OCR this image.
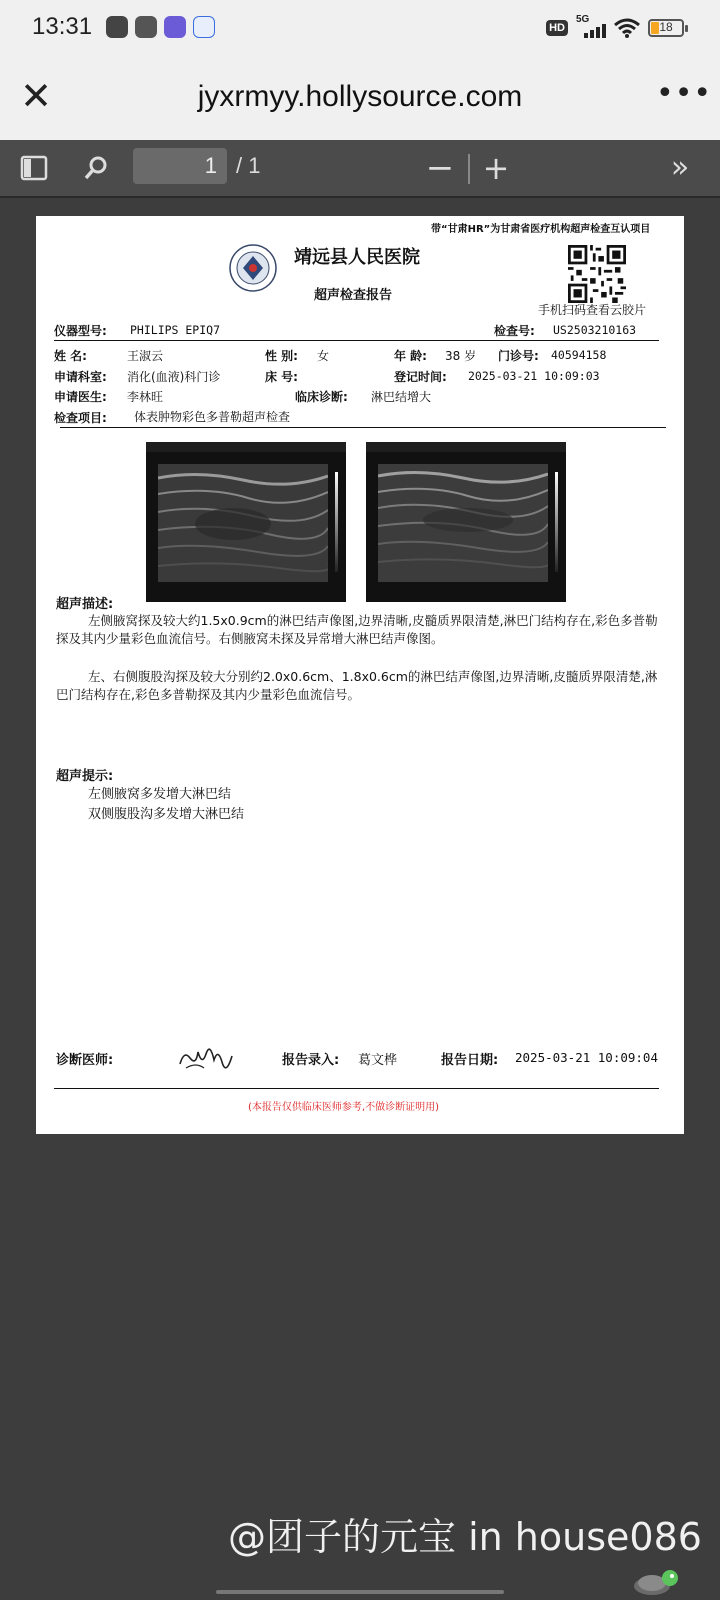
13:31	HD
5G
18
✕	jyxrmyy.hollysource.com	•••
1 / 1	− +	»
带“甘肃HR”为甘肃省医疗机构超声检查互认项目
靖远县人民医院
超声检查报告
手机扫码查看云胶片
仪器型号: PHILIPS EPIQ7	检查号: US2503210163
姓 名:	王淑云	性 别: 女	年 龄: 38 岁 门诊号: 40594158
申请科室: 消化(血液)科门诊	床 号:	登记时间: 2025-03-21 10:09:03
申请医生: 李林旺	临床诊断: 淋巴结增大
检查项目: 体表肿物彩色多普勒超声检查
超声描述:
左侧腋窝探及较大约1.5x0.9cm的淋巴结声像图,边界清晰,皮髓质界限清楚,淋巴门结构存在,彩色多普勒探及其内少量彩色血流信号。右侧腋窝未探及异常增大淋巴结声像图。
左、右侧腹股沟探及较大分别约2.0x0.6cm、1.8x0.6cm的淋巴结声像图,边界清晰,皮髓质界限清楚,淋巴门结构存在,彩色多普勒探及其内少量彩色血流信号。
超声提示:
左侧腋窝多发增大淋巴结
双侧腹股沟多发增大淋巴结
诊断医师:	报告录入: 葛文桦	报告日期: 2025-03-21 10:09:04
(本报告仅供临床医师参考,不做诊断证明用)
@团子的元宝 in house086
